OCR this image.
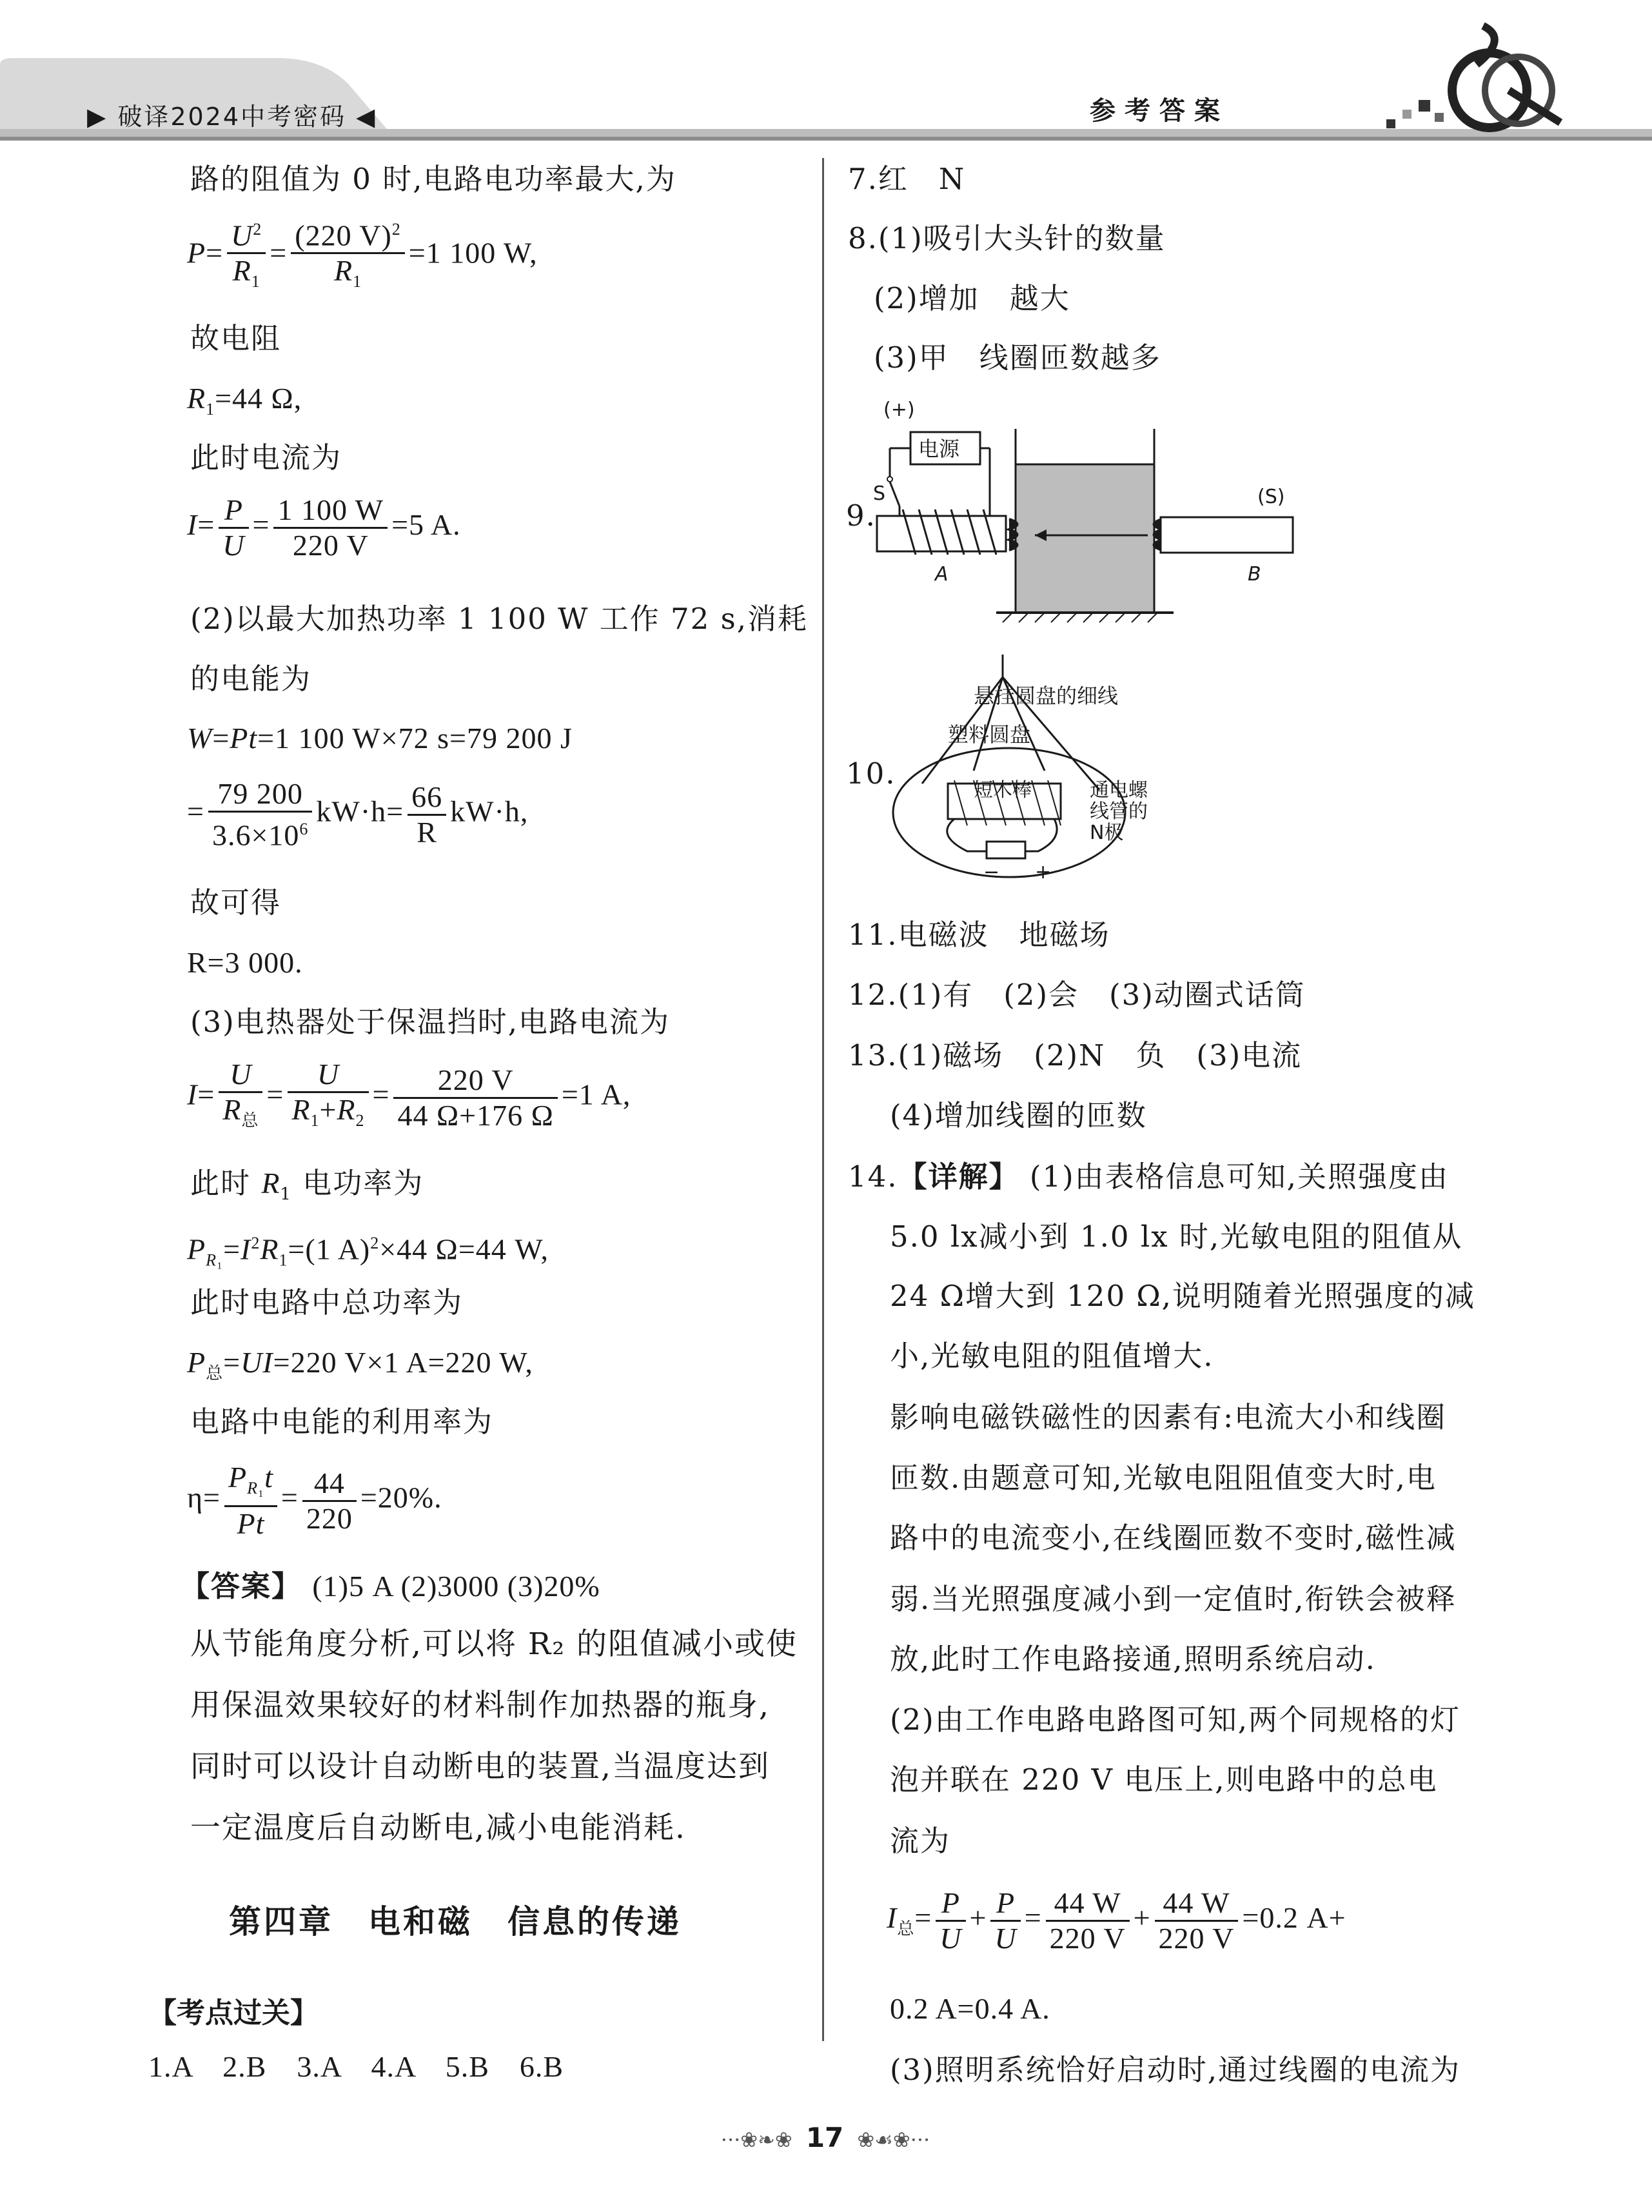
▶ 破译2024中考密码 ◀	参考答案
路的阻值为 0 时,电路电功率最大,为
$P= \frac{U^2}{R_1} = \frac{(220 V)^2}{R_1} =1$ 100 W,
故电阻
$R_1=44$ Ω,
此时电流为
$I= \frac{P}{U} = \frac{1 100 W}{220 V} =5$ A.
(2)以最大加热功率 1 100 W 工作 72 s,消耗
的电能为
W=Pt=1 100 W×72 s=79 200 J
= $\frac{79 200}{3.6\times 10^6} kW\cdot h= \frac{66}{R} kW\cdot h$,
故可得
R=3 000.
(3)电热器处于保温挡时,电路电流为
$I= \frac{U}{R_总} = \frac{U}{R_1+R_2} = \frac{220 V}{44 \Omega+176 \Omega} =1$ A,
此时 $R_1$ 电功率为
$P_{R_1}=I^2R_1=(1$ A)$^2$×44 Ω=44 W,
此时电路中总功率为
$P_总=UI=220$ V×1 A=220 W,
电路中电能的利用率为
$\eta= \frac{P_{R_1}t}{Pt} = \frac{44}{220} =20\%$.
【答案】 (1)5 A (2)3000 (3)20%
从节能角度分析,可以将 R₂ 的阻值减小或使
用保温效果较好的材料制作加热器的瓶身,
同时可以设计自动断电的装置,当温度达到
一定温度后自动断电,减小电能消耗.
第四章　电和磁　信息的传递
【考点过关】
1.A　2.B　3.A　4.A　5.B　6.B
7.红　N
8.(1)吸引大头针的数量
(2)增加　越大
(3)甲　线圈匝数越多
9.
(+)
电源
S
A	B
(S)
10.
悬挂圆盘的细线
塑料圆盘
短木棒	通电螺
线管的
N极
− +
11.电磁波　地磁场
12.(1)有　(2)会　(3)动圈式话筒
13.(1)磁场　(2)N　负　(3)电流
(4)增加线圈的匝数
14.【详解】 (1)由表格信息可知,关照强度由
5.0 lx减小到 1.0 lx 时,光敏电阻的阻值从
24 Ω增大到 120 Ω,说明随着光照强度的减
小,光敏电阻的阻值增大.
影响电磁铁磁性的因素有:电流大小和线圈
匝数.由题意可知,光敏电阻阻值变大时,电
路中的电流变小,在线圈匝数不变时,磁性减
弱.当光照强度减小到一定值时,衔铁会被释
放,此时工作电路接通,照明系统启动.
(2)由工作电路电路图可知,两个同规格的灯
泡并联在 220 V 电压上,则电路中的总电
流为
$I_总= \frac{P}{U} + \frac{P}{U} = \frac{44 W}{220 V} + \frac{44 W}{220 V} =0.2$ A+
0.2 A=0.4 A.
(3)照明系统恰好启动时,通过线圈的电流为
···❀❧❀ 17 ❀☙❀···
